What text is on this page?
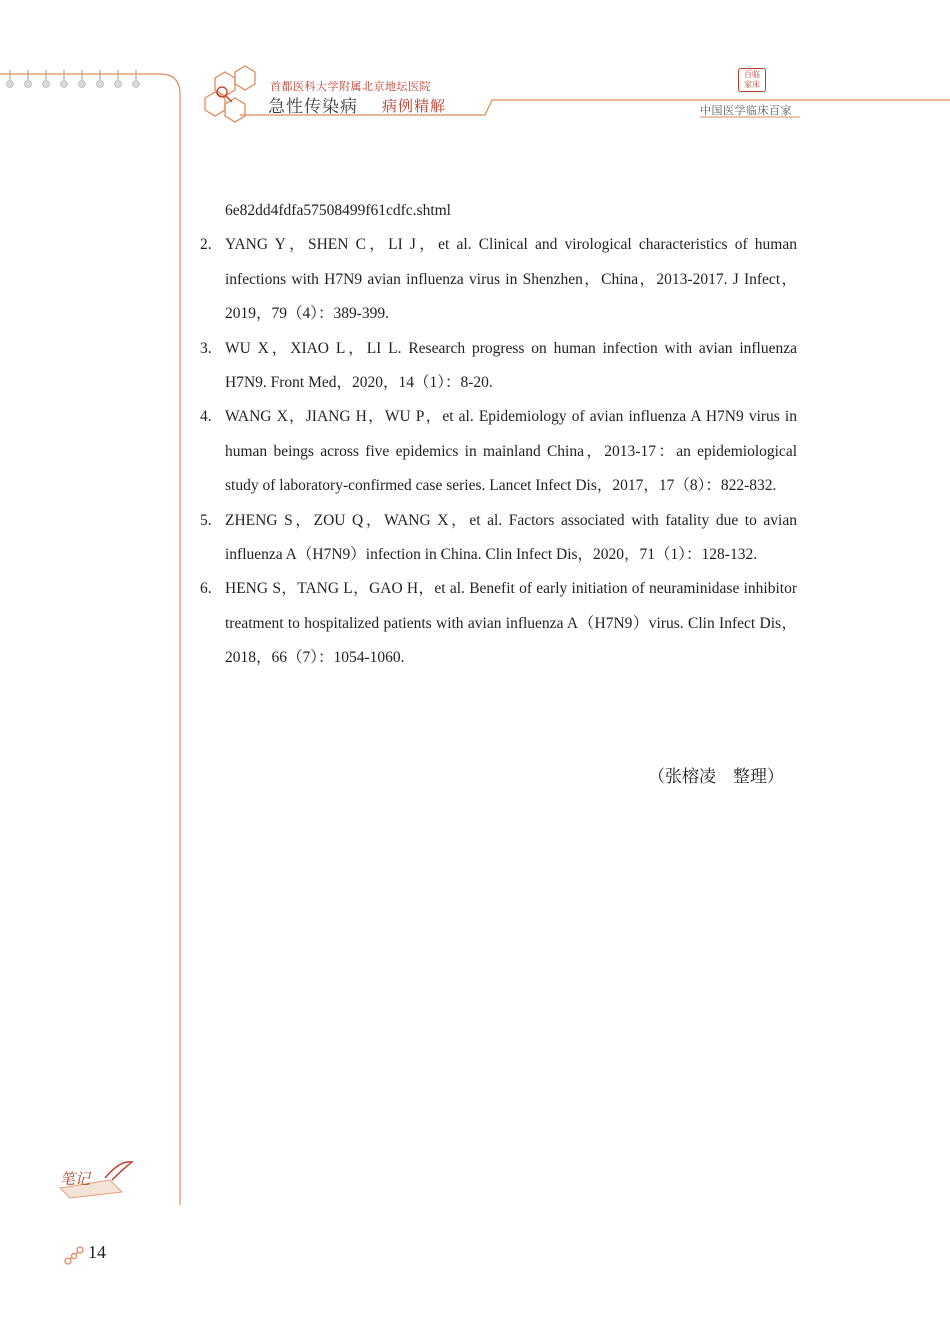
首都医科大学附属北京地坛医院
急性传染病 病例精解
百临 家床
中国医学临床百家
6e82dd4fdfa57508499f61cdfc.shtml
2. YANG Y，SHEN C，LI J，et al. Clinical and virological characteristics of human infections with H7N9 avian influenza virus in Shenzhen，China，2013-2017. J Infect，2019，79（4）：389-399.
3. WU X，XIAO L，LI L. Research progress on human infection with avian influenza H7N9. Front Med，2020，14（1）：8-20.
4. WANG X，JIANG H，WU P，et al. Epidemiology of avian influenza A H7N9 virus in human beings across five epidemics in mainland China，2013-17：an epidemiological study of laboratory-confirmed case series. Lancet Infect Dis，2017，17（8）：822-832.
5. ZHENG S，ZOU Q，WANG X，et al. Factors associated with fatality due to avian influenza A（H7N9）infection in China. Clin Infect Dis，2020，71（1）：128-132.
6. HENG S，TANG L，GAO H，et al. Benefit of early initiation of neuraminidase inhibitor treatment to hospitalized patients with avian influenza A（H7N9）virus. Clin Infect Dis，2018，66（7）：1054-1060.
（张榕凌　整理）
笔记
14
